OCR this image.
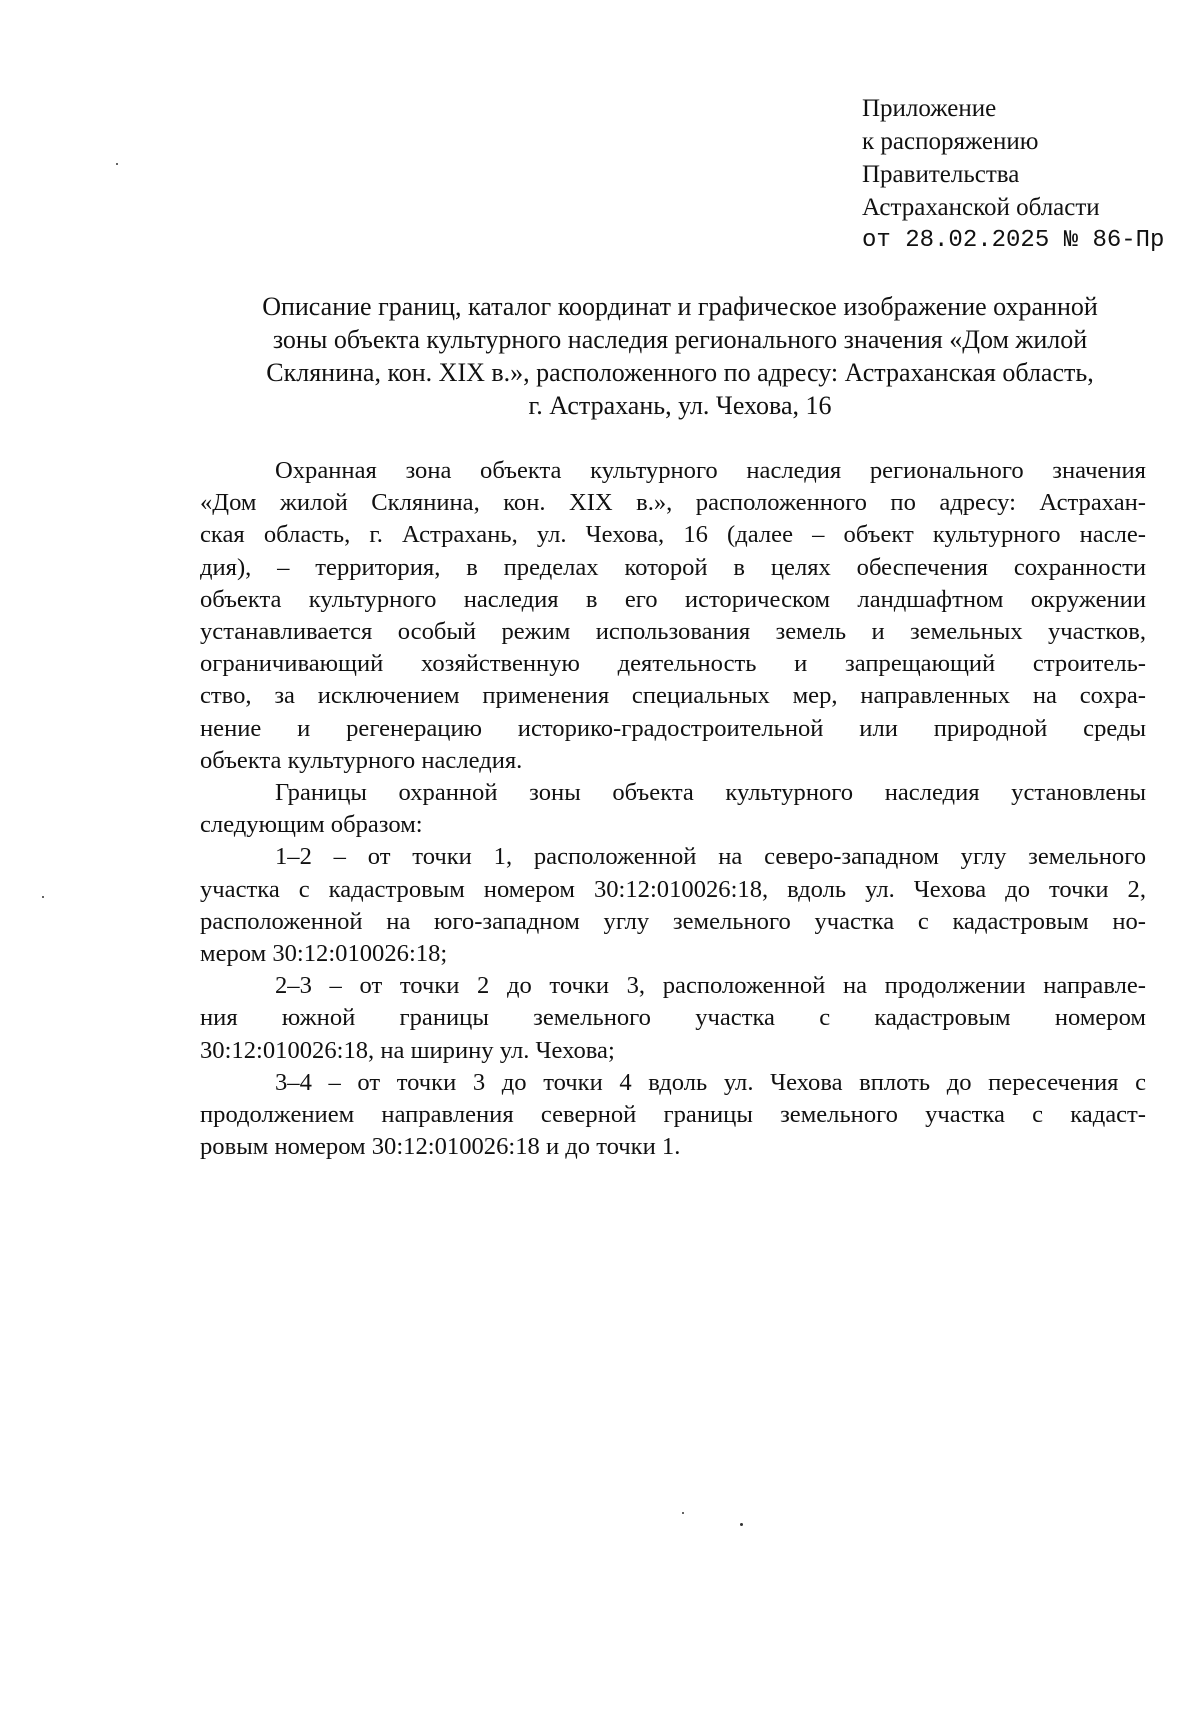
Приложение
к распоряжению
Правительства
Астраханской области
от 28.02.2025 № 86-Пр
Описание границ, каталог координат и графическое изображение охранной
зоны объекта культурного наследия регионального значения «Дом жилой
Склянина, кон. XIX в.», расположенного по адресу: Астраханская область,
г. Астрахань, ул. Чехова, 16
Охранная зона объекта культурного наследия регионального значения
«Дом жилой Склянина, кон. XIX в.», расположенного по адресу: Астрахан-
ская область, г. Астрахань, ул. Чехова, 16 (далее – объект культурного насле-
дия), – территория, в пределах которой в целях обеспечения сохранности
объекта культурного наследия в его историческом ландшафтном окружении
устанавливается особый режим использования земель и земельных участков,
ограничивающий хозяйственную деятельность и запрещающий строитель-
ство, за исключением применения специальных мер, направленных на сохра-
нение и регенерацию историко-градостроительной или природной среды
объекта культурного наследия.
Границы охранной зоны объекта культурного наследия установлены
следующим образом:
1–2 – от точки 1, расположенной на северо-западном углу земельного
участка с кадастровым номером 30:12:010026:18, вдоль ул. Чехова до точки 2,
расположенной на юго-западном углу земельного участка с кадастровым но-
мером 30:12:010026:18;
2–3 – от точки 2 до точки 3, расположенной на продолжении направле-
ния южной границы земельного участка с кадастровым номером
30:12:010026:18, на ширину ул. Чехова;
3–4 – от точки 3 до точки 4 вдоль ул. Чехова вплоть до пересечения с
продолжением направления северной границы земельного участка с кадаст-
ровым номером 30:12:010026:18 и до точки 1.
